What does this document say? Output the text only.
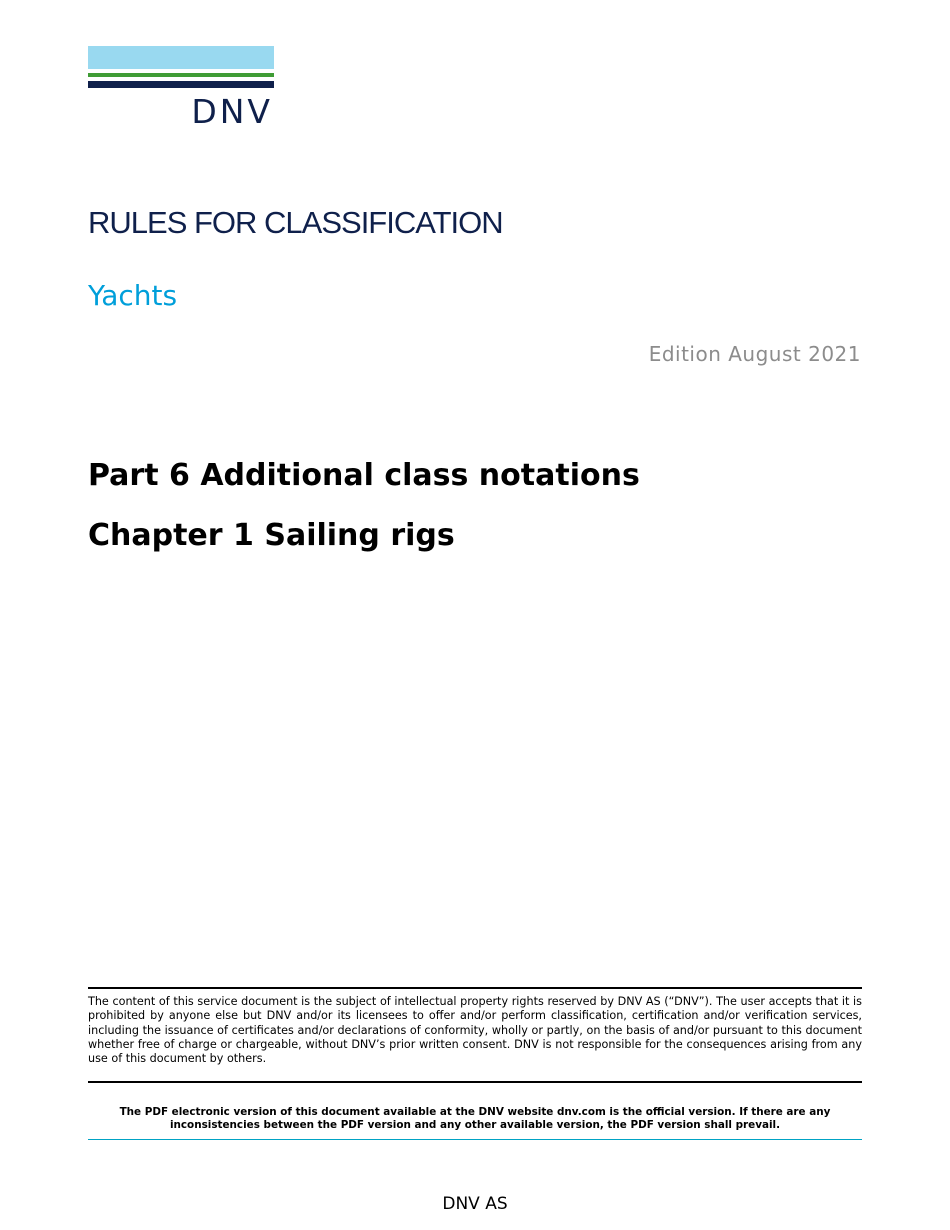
DNV
RULES FOR CLASSIFICATION
Yachts
Edition August 2021
Part 6 Additional class notations
Chapter 1 Sailing rigs

The content of this service document is the subject of intellectual property rights reserved by DNV AS (“DNV”). The user accepts that it is prohibited by anyone else but DNV and/or its licensees to offer and/or perform classification, certification and/or verification services, including the issuance of certificates and/or declarations of conformity, wholly or partly, on the basis of and/or pursuant to this document whether free of charge or chargeable, without DNV’s prior written consent. DNV is not responsible for the consequences arising from any use of this document by others.

The PDF electronic version of this document available at the DNV website dnv.com is the official version. If there are any inconsistencies between the PDF version and any other available version, the PDF version shall prevail.

DNV AS
